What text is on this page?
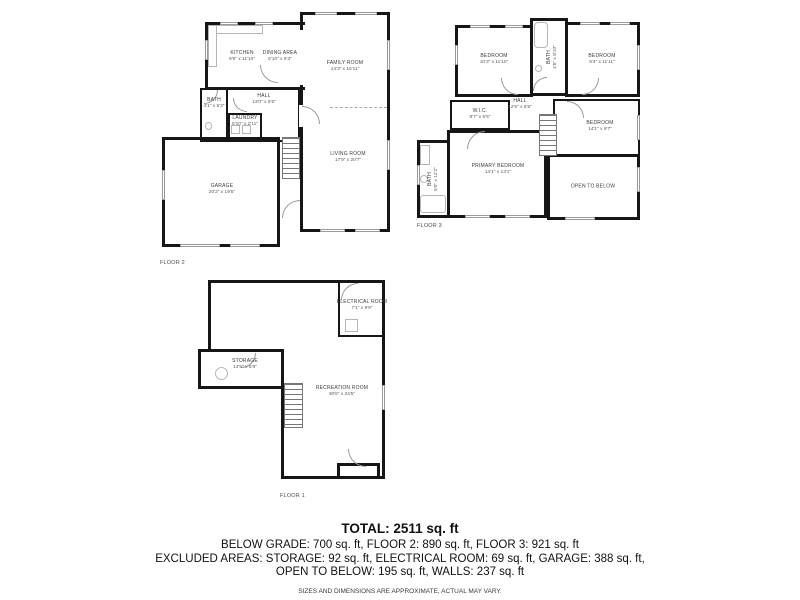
KITCHEN
9'6" x 11'10"
DINING AREA
6'10" x 9'3"
FAMILY ROOM
14'3" x 15'11"
BATH
4'1" x 5'3"
LAUNDRY
5'10" x 2'11"
HALL
13'0" x 6'5"
GARAGE
20'2" x 19'5"
LIVING ROOM
17'9" x 20'7"
FLOOR 2
BEDROOM
10'3" x 11'10"	BATH 4'6" x 8'10"	BEDROOM
9'4" x 11'11"
W.I.C.
8'7" x 5'5"
HALL
12'5" x 8'5"
BATH 5'0" x 12'2"
PRIMARY BEDROOM
14'1" x 13'1"
BEDROOM
14'1" x 9'7"
OPEN TO BELOW
FLOOR 3
ELECTRICAL ROOM
7'1" x 9'9"
STORAGE
14'5" x 6'9"
RECREATION ROOM
30'6" x 34'5"
FLOOR 1
TOTAL: 2511 sq. ft
BELOW GRADE: 700 sq. ft, FLOOR 2: 890 sq. ft, FLOOR 3: 921 sq. ft
EXCLUDED AREAS: STORAGE: 92 sq. ft, ELECTRICAL ROOM: 69 sq. ft, GARAGE: 388 sq. ft,
OPEN TO BELOW: 195 sq. ft, WALLS: 237 sq. ft
SIZES AND DIMENSIONS ARE APPROXIMATE, ACTUAL MAY VARY.
